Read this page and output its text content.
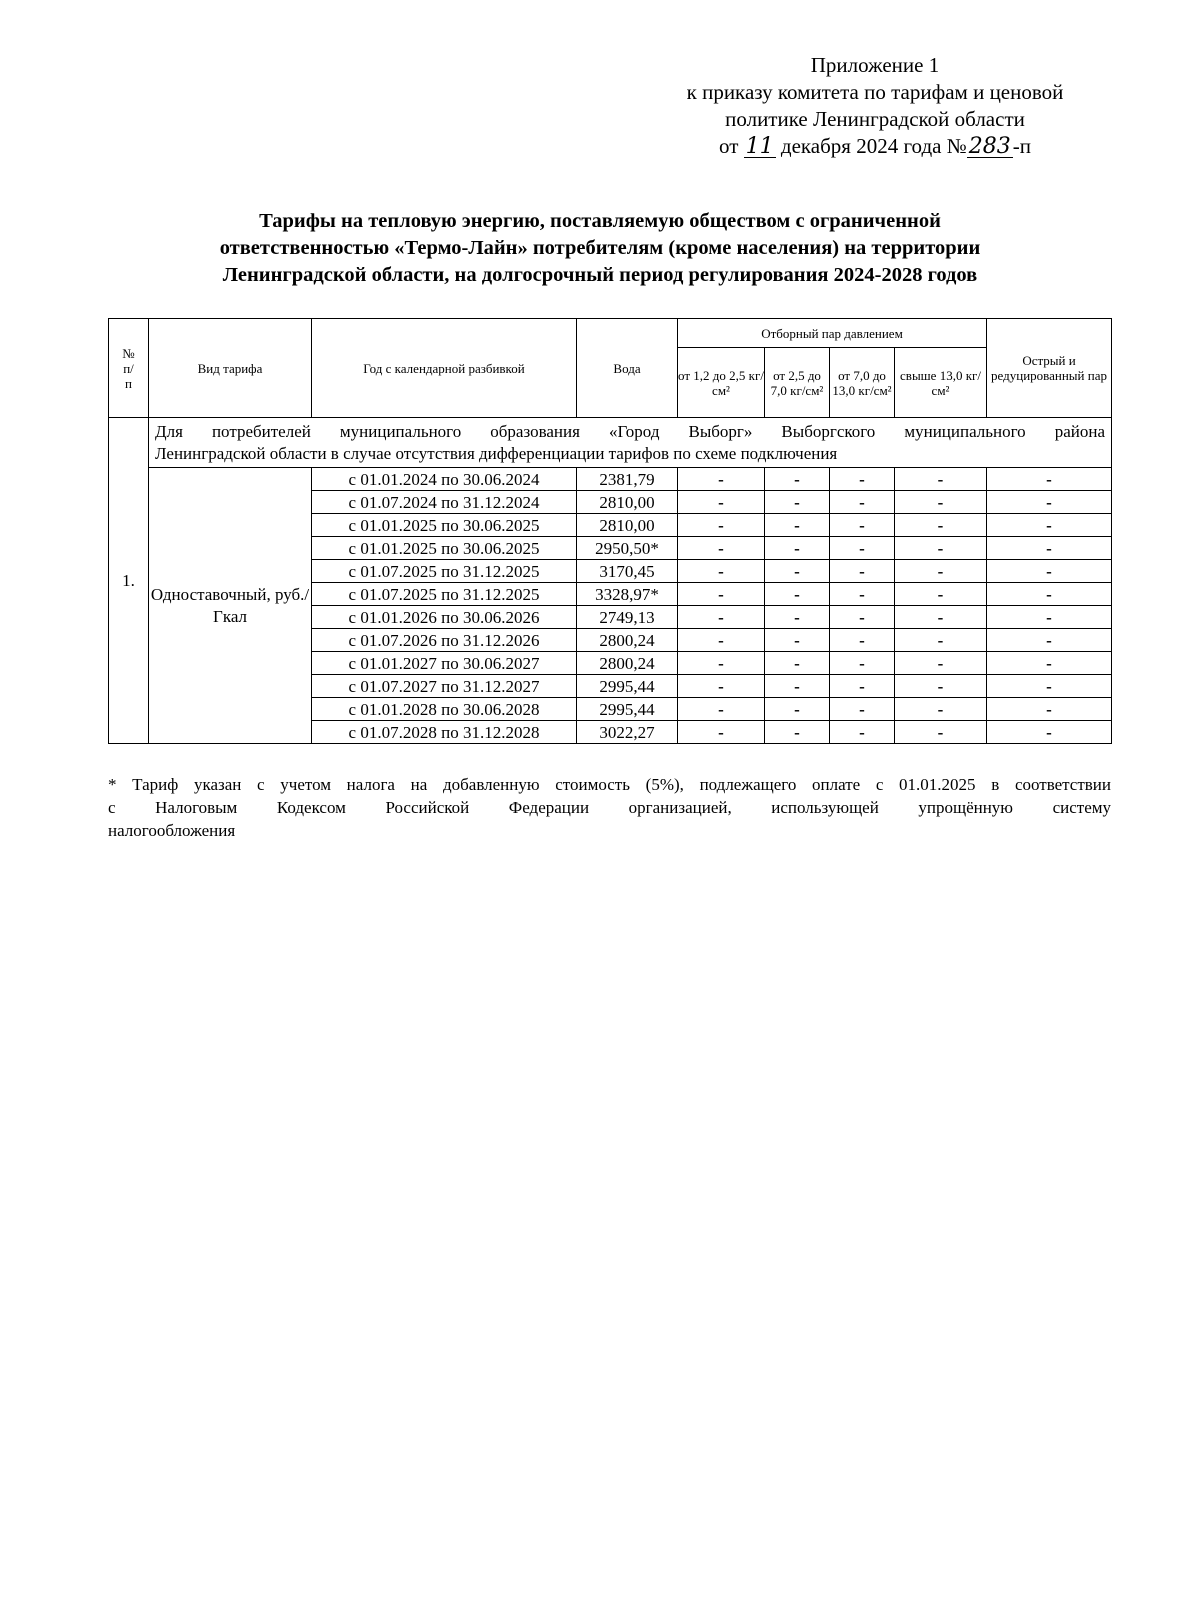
Приложение 1
к приказу комитета по тарифам и ценовой
политике Ленинградской области
от 11 декабря 2024 года №283-п
Тарифы на тепловую энергию, поставляемую обществом с ограниченной
ответственностью «Термо-Лайн» потребителям (кроме населения) на территории
Ленинградской области, на долгосрочный период регулирования 2024-2028 годов
№
п/
п	Вид тарифа	Год с календарной разбивкой	Вода	Отборный пар давлением				Острый и редуцированный пар
				от 1,2 до 2,5 кг/см²	от 2,5 до 7,0 кг/см²	от 7,0 до 13,0 кг/см²	свыше 13,0 кг/см²	
1.	Для потребителей муниципального образования «Город Выборг» Выборгского муниципального района
Ленинградской области в случае отсутствия дифференциации тарифов по схеме подключения							

	Одноставочный, руб./Гкал	с 01.01.2024 по 30.06.2024	2381,79	-	-	-	-	-
		с 01.07.2024 по 31.12.2024	2810,00	-	-	-	-	-
		с 01.01.2025 по 30.06.2025	2810,00	-	-	-	-	-
		с 01.01.2025 по 30.06.2025	2950,50*	-	-	-	-	-
		с 01.07.2025 по 31.12.2025	3170,45	-	-	-	-	-
		с 01.07.2025 по 31.12.2025	3328,97*	-	-	-	-	-
		с 01.01.2026 по 30.06.2026	2749,13	-	-	-	-	-
		с 01.07.2026 по 31.12.2026	2800,24	-	-	-	-	-
		с 01.01.2027 по 30.06.2027	2800,24	-	-	-	-	-
		с 01.07.2027 по 31.12.2027	2995,44	-	-	-	-	-
		с 01.01.2028 по 30.06.2028	2995,44	-	-	-	-	-
		с 01.07.2028 по 31.12.2028	3022,27	-	-	-	-	-
* Тариф указан с учетом налога на добавленную стоимость (5%), подлежащего оплате с 01.01.2025 в соответствии
с Налоговым Кодексом Российской Федерации организацией, использующей упрощённую систему
налогообложения
